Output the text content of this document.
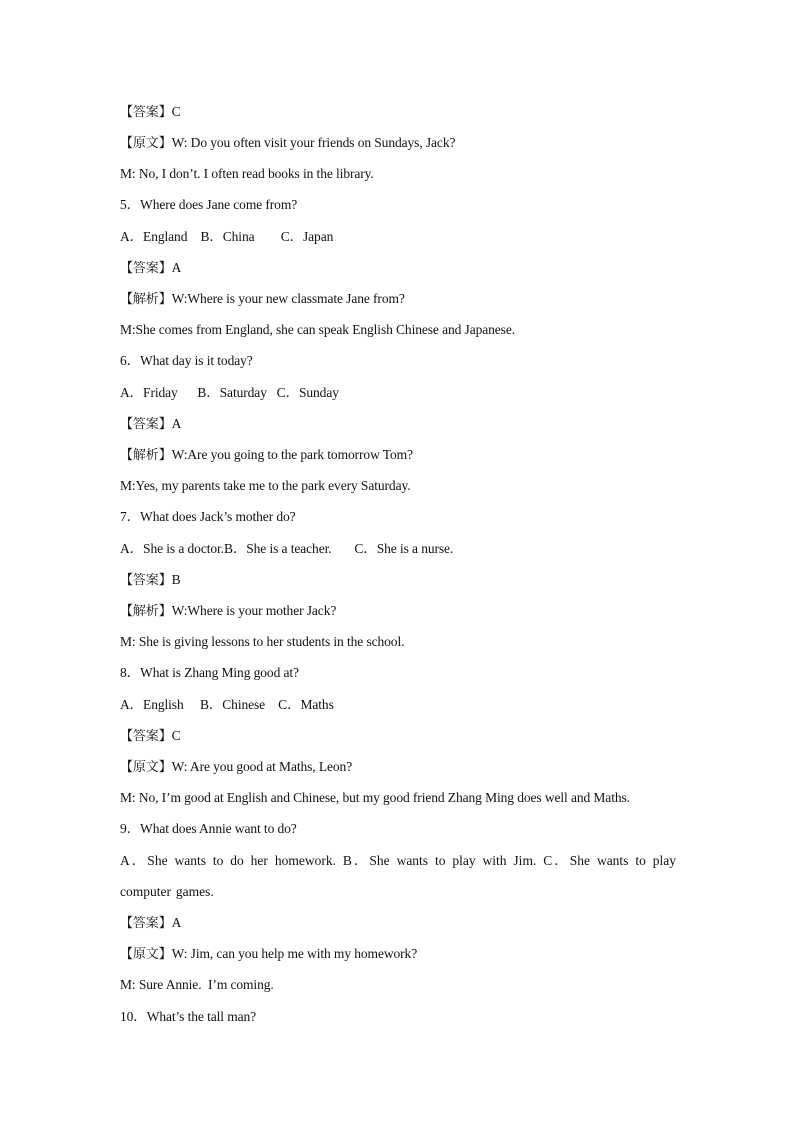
【答案】C
【原文】W: Do you often visit your friends on Sundays, Jack?
M: No, I don’t. I often read books in the library.
5．Where does Jane come from?
A．England    B．China        C．Japan
【答案】A
【解析】W:Where is your new classmate Jane from?
M:She comes from England, she can speak English Chinese and Japanese.
6．What day is it today?
A．Friday      B．Saturday   C．Sunday
【答案】A
【解析】W:Are you going to the park tomorrow Tom?
M:Yes, my parents take me to the park every Saturday.
7．What does Jack’s mother do?
A．She is a doctor.B．She is a teacher.       C．She is a nurse.
【答案】B
【解析】W:Where is your mother Jack?
M: She is giving lessons to her students in the school.
8．What is Zhang Ming good at?
A．English     B．Chinese    C．Maths
【答案】C
【原文】W: Are you good at Maths, Leon?
M: No, I’m good at English and Chinese, but my good friend Zhang Ming does well and Maths.
9．What does Annie want to do?
A．She wants to do her homework. B．She wants to play with Jim. C．She wants to play computer games.
【答案】A
【原文】W: Jim, can you help me with my homework?
M: Sure Annie.  I’m coming.
10．What’s the tall man?
